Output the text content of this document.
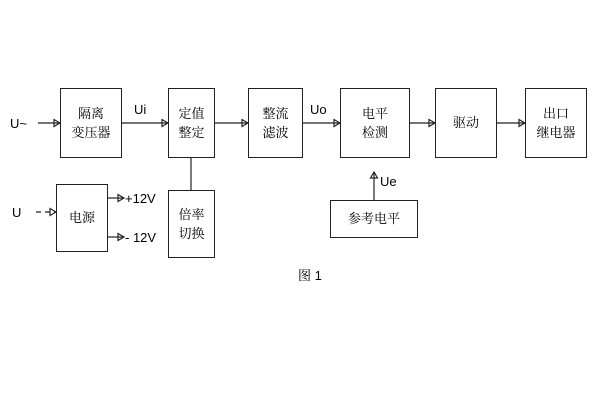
隔离
变压器
定值
整定
整流
滤波
电平
检测
驱动
出口
继电器
电源	倍率
切换
参考电平
U~
Ui	Uo
U
+12V
- 12V
Ue
图 1
